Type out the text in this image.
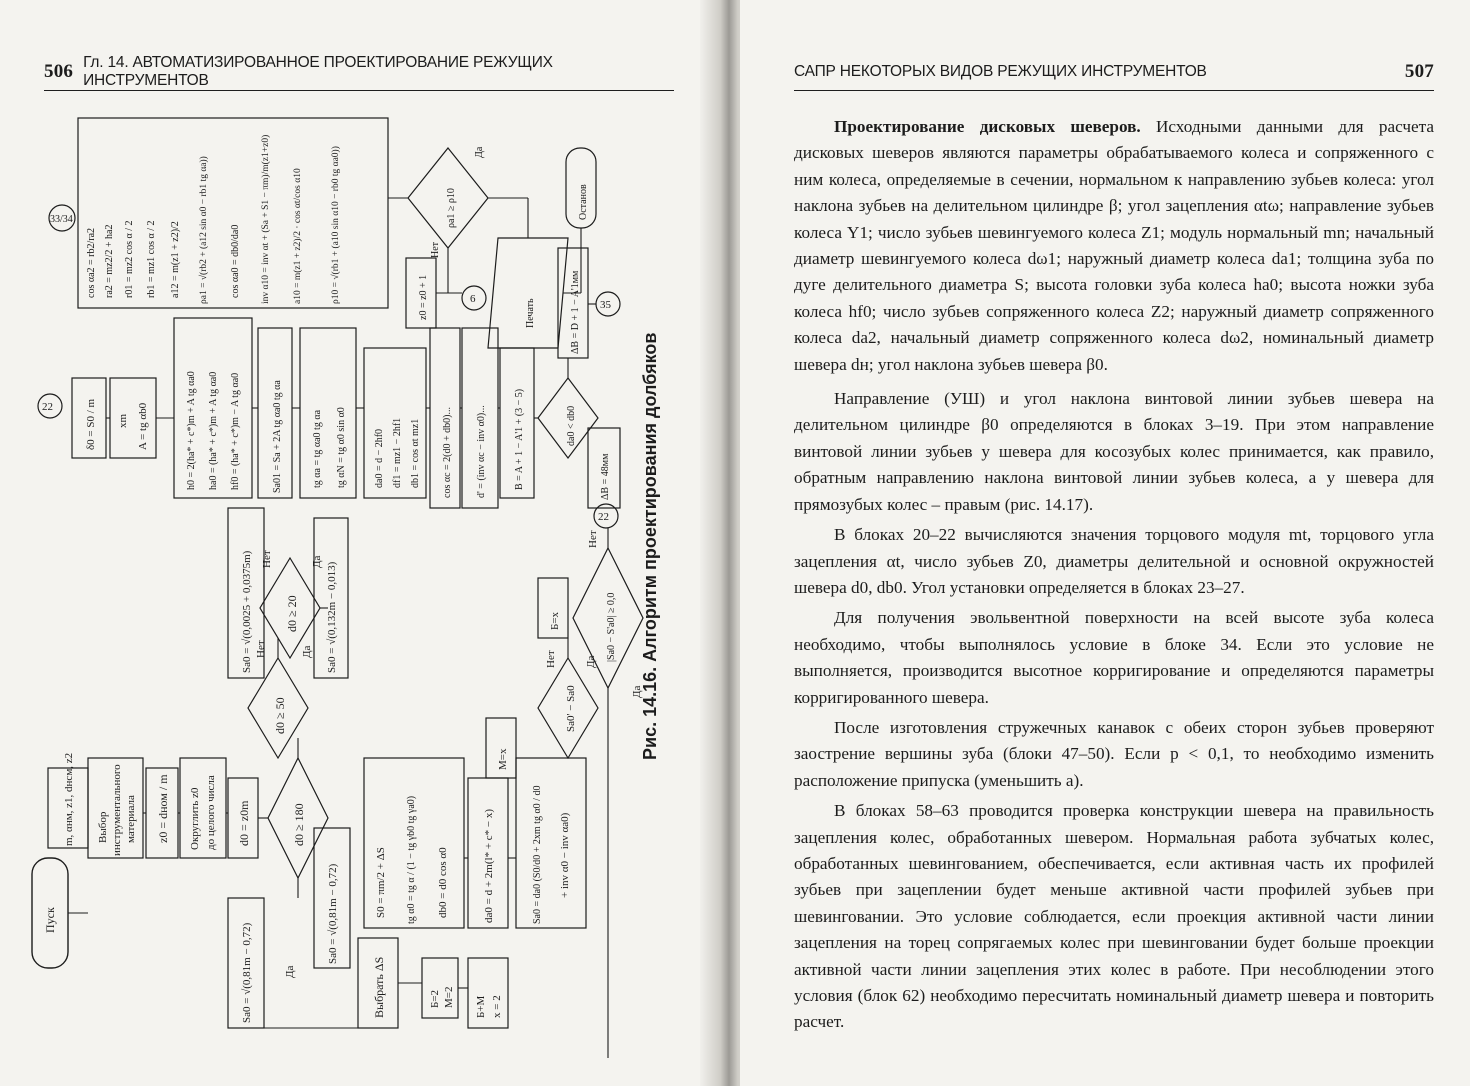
506 Гл. 14. АВТОМАТИЗИРОВАННОЕ ПРОЕКТИРОВАНИЕ РЕЖУЩИХ ИНСТРУМЕНТОВ
Пуск
m, αнм, z1, dнсм, z2 Выбор инструментального материала z0 = dном / m Округлить z0 до целого числа d0 = z0m	d0 ≥ 180
Да
Sa0 = √(0,81m − 0,72)
d0 ≥ 50
Нет	Да
Sa0 = √(0,0025 + 0,0375m)	d0 ≥ 20
Нет	Да Sa0 = √(0,132m − 0,013)
Sa0 = √(0,81m − 0,72)
Выбрать ΔS
S0 = πm/2 + ΔS tg α0 = tg α / (1 − tg γb0 tg γa0) db0 = d0 cos α0
Б=2 М=2 Б+М x = 2
da0 = d + 2m(l* + c* − x)	Sa0 = da0 (S0/d0 + 2xm tg α0 / d0 + inv α0 − inv αa0)
Sa0' − Sa0
Нет	Да
М=х
Б=х	|Sa0 − S'a0| ≥ 0,0
Нет
Да
22
22	δ0 = S0 / m xm A = tg αb0	h0 = 2(ha* + c*)m + A tg αa0 ha0 = (ha* + c*)m + A tg αa0 hf0 = (ha* + c*)m − A tg αa0	Sa01 = Sa + 2A tg αa0 tg αa	tg αa = tg αa0 tg αa tg αN = tg α0 sin α0	da0 = d − 2hf0 df1 = mz1 − 2hf1 db1 = cos αt mz1 cos αc = 2(d0 + db0)... d' = (inv αc − inv α0)...	B = A + 1 − A'1 + (3 − 5)	da0 < db0
ΔB = 48мм
ΔB = D + 1 − A'1мм 35
33/34
cos αa2 = rb2/ra2 ra2 = mz2/2 + ha2 r01 = mz2 cos α / 2 rb1 = mz1 cos α / 2 a12 = m(z1 + z2)/2 ρa1 = √(rb2 + (a12 sin α0 − rb1 tg αa)) cos αa0 = db0/da0 inv α10 = inv αt + (Sa + S1 − πm)/m(z1+z0) a10 = m(z1 + z2)/2 · cos αt/cos α10	ρ10 = √(rb1 + (a10 sin α10 − rb0 tg αa0))	ρa1 ≥ ρ10
Да
Нет
z0 = z0 + 1	6	Печать
Останов
Рис. 14.16. Алгоритм проектирования долбяков
САПР НЕКОТОРЫХ ВИДОВ РЕЖУЩИХ ИНСТРУМЕНТОВ	507

Проектирование дисковых шеверов. Исходными данными для расчета дисковых шеверов являются параметры обрабатываемого колеса и сопряженного с ним колеса, определяемые в сечении, нормальном к направлению зубьев колеса: угол наклона зубьев на делительном цилиндре β; угол зацепления αtω; направление зубьев колеса Y1; число зубьев шевингуемого колеса Z1; модуль нормальный mn; начальный диаметр шевингуемого колеса dω1; наружный диаметр колеса da1; толщина зуба по дуге делительного диаметра S; высота головки зуба колеса ha0; высота ножки зуба колеса hf0; число зубьев сопряженного колеса Z2; наружный диаметр сопряженного колеса da2, начальный диаметр сопряженного колеса dω2, номинальный диаметр шевера dн; угол наклона зубьев шевера β0.

Направление (УШ) и угол наклона винтовой линии зубьев шевера на делительном цилиндре β0 определяются в блоках 3–19. При этом направление винтовой линии зубьев у шевера для косозубых колес принимается, как правило, обратным направлению наклона винтовой линии зубьев колеса, а у шевера для прямозубых колес – правым (рис. 14.17).

В блоках 20–22 вычисляются значения торцового модуля mt, торцового угла зацепления αt, число зубьев Z0, диаметры делительной и основной окружностей шевера d0, db0. Угол установки определяется в блоках 23–27.

Для получения эвольвентной поверхности на всей высоте зуба колеса необходимо, чтобы выполнялось условие в блоке 34. Если это условие не выполняется, производится высотное корригирование и определяются параметры корригированного шевера.

После изготовления стружечных канавок с обеих сторон зубьев проверяют заострение вершины зуба (блоки 47–50). Если p < 0,1, то необходимо изменить расположение припуска (уменьшить a).

В блоках 58–63 проводится проверка конструкции шевера на правильность зацепления колес, обработанных шевером. Нормальная работа зубчатых колес, обработанных шевингованием, обеспечивается, если активная часть их профилей зубьев при зацеплении будет меньше активной части профилей зубьев при шевинговании. Это условие соблюдается, если проекция активной части линии зацепления на торец сопрягаемых колес при шевинговании будет больше проекции активной части линии зацепления этих колес в работе. При несоблюдении этого условия (блок 62) необходимо пересчитать номинальный диаметр шевера и повторить расчет.
